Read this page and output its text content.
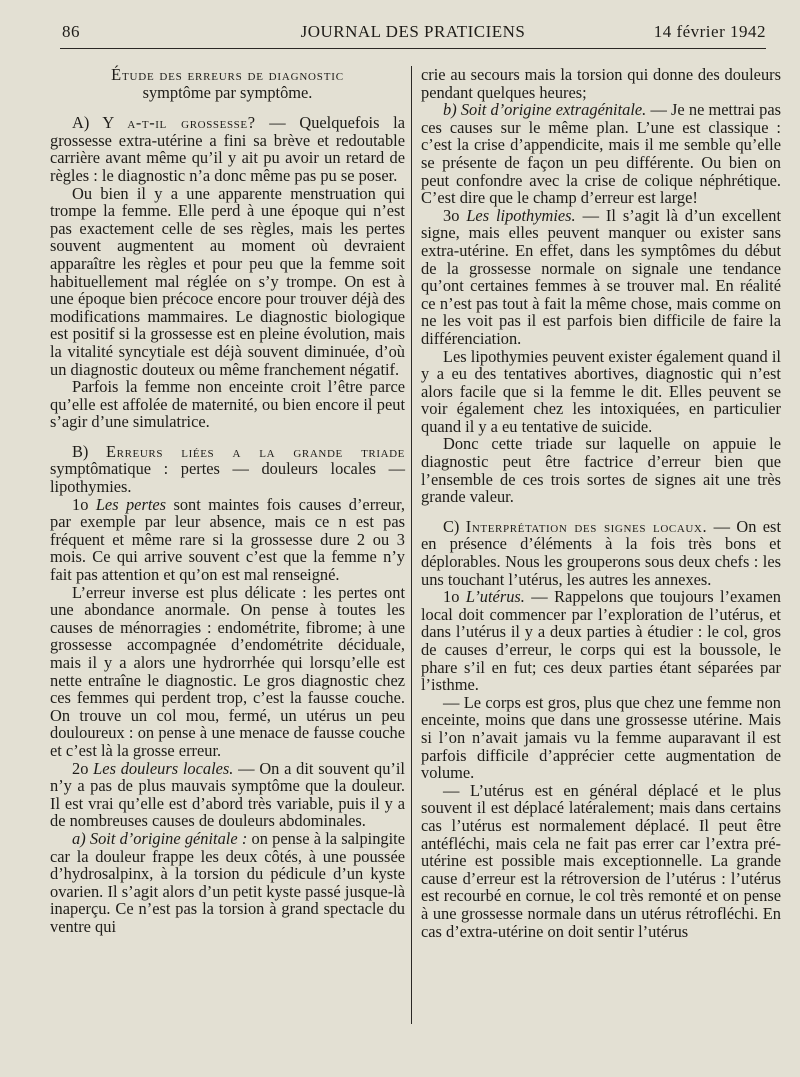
86	JOURNAL DES PRATICIENS	14 février 1942
Étude des erreurs de diagnostic
symptôme par symptôme.

A) Y a-t-il grossesse? — Quelquefois la grossesse extra-utérine a fini sa brève et redoutable carrière avant même qu’il y ait pu avoir un retard de règles : le diagnostic n’a donc même pas pu se poser.

Ou bien il y a une apparente menstruation qui trompe la femme. Elle perd à une époque qui n’est pas exactement celle de ses règles, mais les pertes souvent augmentent au moment où devraient apparaître les règles et pour peu que la femme soit habituellement mal réglée on s’y trompe. On est à une époque bien précoce encore pour trouver déjà des modifications mammaires. Le diagnostic biologique est positif si la grossesse est en pleine évolution, mais la vitalité syncytiale est déjà souvent diminuée, d’où un diagnostic douteux ou même franchement négatif.

Parfois la femme non enceinte croit l’être parce qu’elle est affolée de maternité, ou bien encore il peut s’agir d’une simulatrice.

B) Erreurs liées a la grande triade symptômatique : pertes — douleurs locales — lipothymies.

1o Les pertes sont maintes fois causes d’erreur, par exemple par leur absence, mais ce n est pas fréquent et même rare si la grossesse dure 2 ou 3 mois. Ce qui arrive souvent c’est que la femme n’y fait pas attention et qu’on est mal renseigné.

L’erreur inverse est plus délicate : les pertes ont une abondance anormale. On pense à toutes les causes de ménorragies : endométrite, fibrome; à une grossesse accompagnée d’endométrite déciduale, mais il y a alors une hydrorrhée qui lorsqu’elle est nette entraîne le diagnostic. Le gros diagnostic chez ces femmes qui perdent trop, c’est la fausse couche. On trouve un col mou, fermé, un utérus un peu douloureux : on pense à une menace de fausse couche et c’est là la grosse erreur.

2o Les douleurs locales. — On a dit souvent qu’il n’y a pas de plus mauvais symptôme que la douleur. Il est vrai qu’elle est d’abord très variable, puis il y a de nombreuses causes de douleurs abdominales.

a) Soit d’origine génitale : on pense à la salpingite car la douleur frappe les deux côtés, à une poussée d’hydrosalpinx, à la torsion du pédicule d’un kyste ovarien. Il s’agit alors d’un petit kyste passé jusque-là inaperçu. Ce n’est pas la torsion à grand spectacle du ventre qui

crie au secours mais la torsion qui donne des douleurs pendant quelques heures;

b) Soit d’origine extragénitale. — Je ne mettrai pas ces causes sur le même plan. L’une est classique : c’est la crise d’appendicite, mais il me semble qu’elle se présente de façon un peu différente. Ou bien on peut confondre avec la crise de colique néphrétique. C’est dire que le champ d’erreur est large!

3o Les lipothymies. — Il s’agit là d’un excellent signe, mais elles peuvent manquer ou exister sans extra-utérine. En effet, dans les symptômes du début de la grossesse normale on signale une tendance qu’ont certaines femmes à se trouver mal. En réalité ce n’est pas tout à fait la même chose, mais comme on ne les voit pas il est parfois bien difficile de faire la différenciation.

Les lipothymies peuvent exister également quand il y a eu des tentatives abortives, diagnostic qui n’est alors facile que si la femme le dit. Elles peuvent se voir également chez les intoxiquées, en particulier quand il y a eu tentative de suicide.

Donc cette triade sur laquelle on appuie le diagnostic peut être factrice d’erreur bien que l’ensemble de ces trois sortes de signes ait une très grande valeur.

C) Interprétation des signes locaux. — On est en présence d’éléments à la fois très bons et déplorables. Nous les grouperons sous deux chefs : les uns touchant l’utérus, les autres les annexes.

1o L’utérus. — Rappelons que toujours l’examen local doit commencer par l’exploration de l’utérus, et dans l’utérus il y a deux parties à étudier : le col, gros de causes d’erreur, le corps qui est la boussole, le phare s’il en fut; ces deux parties étant séparées par l’isthme.

— Le corps est gros, plus que chez une femme non enceinte, moins que dans une grossesse utérine. Mais si l’on n’avait jamais vu la femme auparavant il est parfois difficile d’apprécier cette augmentation de volume.

— L’utérus est en général déplacé et le plus souvent il est déplacé latéralement; mais dans certains cas l’utérus est normalement déplacé. Il peut être antéfléchi, mais cela ne fait pas errer car l’extra pré-utérine est possible mais exceptionnelle. La grande cause d’erreur est la rétroversion de l’utérus : l’utérus est recourbé en cornue, le col très remonté et on pense à une grossesse normale dans un utérus rétrofléchi. En cas d’extra-utérine on doit sentir l’utérus
